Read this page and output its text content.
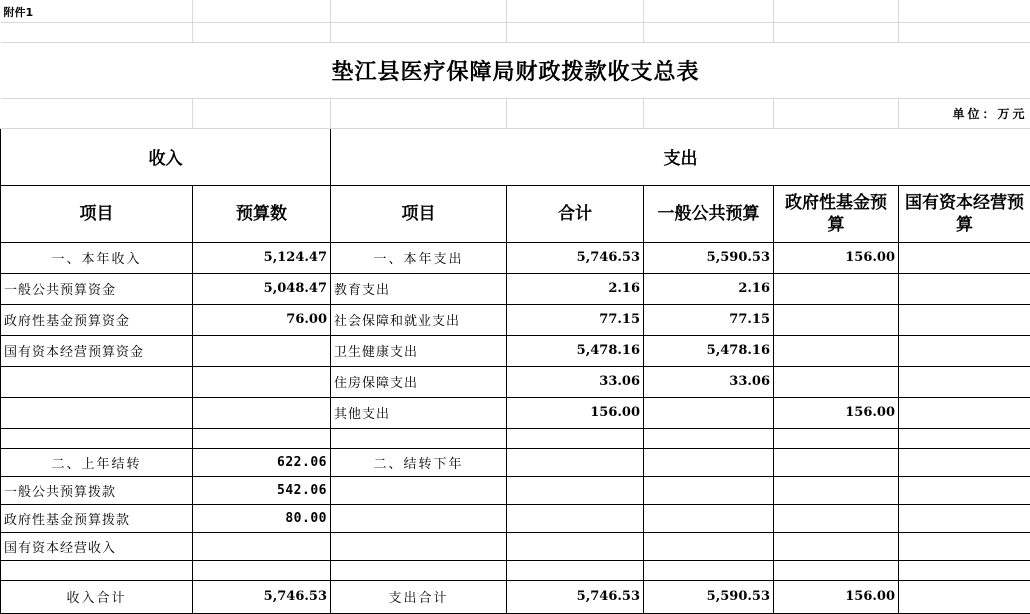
附件1						

垫江县医疗保障局财政拨款收支总表						
						单位：万元
收入		支出				
项目	预算数	项目	合计	一般公共预算	政府性基金预算	国有资本经营预算
一、本年收入	5,124.47	一、本年支出	5,746.53	5,590.53	156.00	
一般公共预算资金	5,048.47	教育支出	2.16	2.16		
政府性基金预算资金	76.00	社会保障和就业支出	77.15	77.15		
国有资本经营预算资金		卫生健康支出	5,478.16	5,478.16		
		住房保障支出	33.06	33.06		
		其他支出	156.00		156.00	

二、上年结转	622.06	二、结转下年				
一般公共预算拨款	542.06					
政府性基金预算拨款	80.00					
国有资本经营收入						

收入合计	5,746.53	支出合计	5,746.53	5,590.53	156.00	
